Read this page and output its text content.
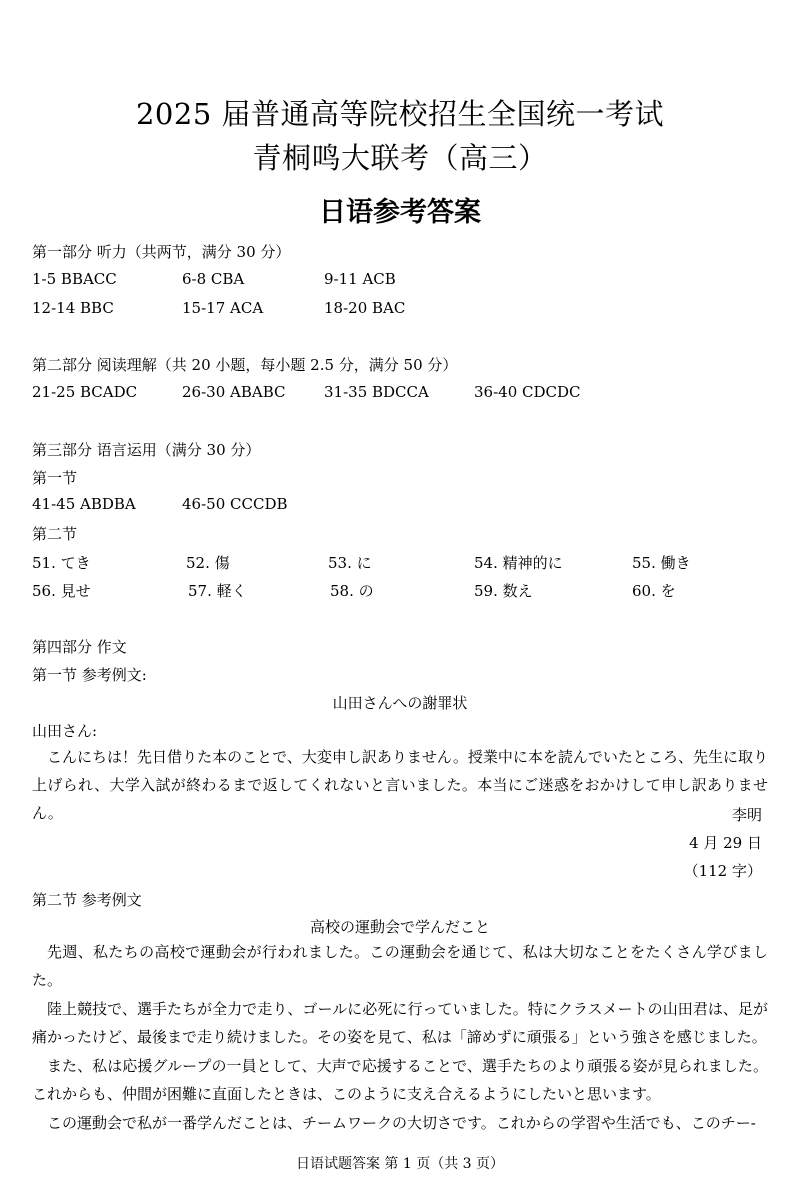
2025 届普通高等院校招生全国统一考试
青桐鸣大联考（高三）
日语参考答案
第一部分 听力（共两节，满分 30 分）
1-5 BBACC	6-8 CBA	9-11 ACB
12-14 BBC	15-17 ACA	18-20 BAC
第二部分 阅读理解（共 20 小题，每小题 2.5 分，满分 50 分）
21-25 BCADC	26-30 ABABC	31-35 BDCCA	36-40 CDCDC
第三部分 语言运用（满分 30 分）
第一节
41-45 ABDBA	46-50 CCCDB
第二节
51. てき	52. 傷	53. に	54. 精神的に	55. 働き
56. 見せ	57. 軽く	58. の	59. 数え	60. を
第四部分 作文
第一节 参考例文:
山田さんへの謝罪状
山田さん:
こんにちは！先日借りた本のことで、大変申し訳ありません。授業中に本を読んでいたところ、先生に取り上げられ、大学入試が終わるまで返してくれないと言いました。本当にご迷惑をおかけして申し訳ありません。	李明
4 月 29 日
（112 字）
第二节 参考例文
高校の運動会で学んだこと
先週、私たちの高校で運動会が行われました。この運動会を通じて、私は大切なことをたくさん学びました。
陸上競技で、選手たちが全力で走り、ゴールに必死に行っていました。特にクラスメートの山田君は、足が痛かったけど、最後まで走り続けました。その姿を見て、私は「諦めずに頑張る」という強さを感じました。
また、私は応援グループの一員として、大声で応援することで、選手たちのより頑張る姿が見られました。これからも、仲間が困難に直面したときは、このように支え合えるようにしたいと思います。
この運動会で私が一番学んだことは、チームワークの大切さです。これからの学習や生活でも、このチー-
日语试题答案 第 1 页（共 3 页）
